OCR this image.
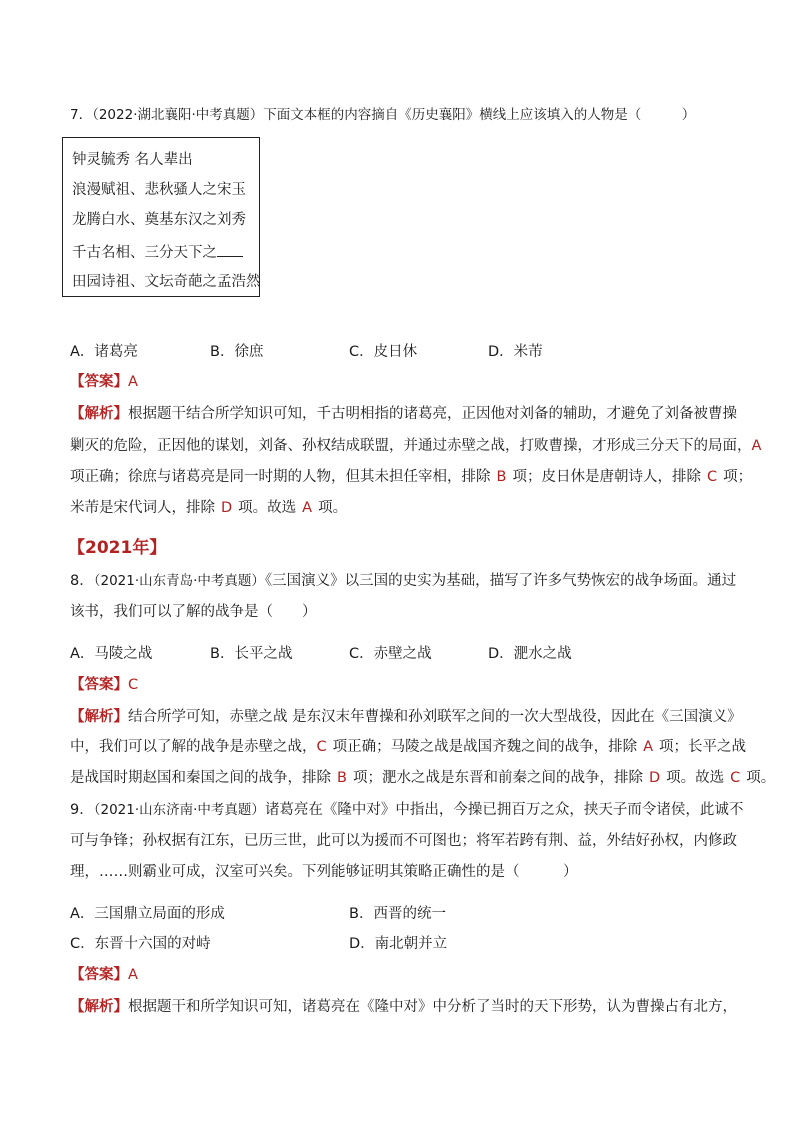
7．（2022·湖北襄阳·中考真题）下面文本框的内容摘自《历史襄阳》横线上应该填入的人物是（　　　）
钟灵毓秀 名人辈出
浪漫赋祖、悲秋骚人之宋玉
龙腾白水、奠基东汉之刘秀
千古名相、三分天下之
田园诗祖、文坛奇葩之孟浩然
A．诸葛亮	B．徐庶	C．皮日休	D．米芾
【答案】A
【解析】根据题干结合所学知识可知，千古明相指的诸葛亮，正因他对刘备的辅助，才避免了刘备被曹操
剿灭的危险，正因他的谋划，刘备、孙权结成联盟，并通过赤壁之战，打败曹操，才形成三分天下的局面，A
项正确；徐庶与诸葛亮是同一时期的人物，但其未担任宰相，排除 B 项；皮日休是唐朝诗人，排除 C 项；
米芾是宋代词人，排除 D 项。故选 A 项。
【2021年】
8．（2021·山东青岛·中考真题）《三国演义》以三国的史实为基础，描写了许多气势恢宏的战争场面。通过
该书，我们可以了解的战争是（　　）
A．马陵之战	B．长平之战	C．赤壁之战	D．淝水之战
【答案】C
【解析】结合所学可知，赤壁之战 是东汉末年曹操和孙刘联军之间的一次大型战役，因此在《三国演义》
中，我们可以了解的战争是赤壁之战，C 项正确；马陵之战是战国齐魏之间的战争，排除 A 项；长平之战
是战国时期赵国和秦国之间的战争，排除 B 项；淝水之战是东晋和前秦之间的战争，排除 D 项。故选 C 项。
9．（2021·山东济南·中考真题）诸葛亮在《隆中对》中指出，今操已拥百万之众，挟天子而令诸侯，此诚不
可与争锋；孙权据有江东，已历三世，此可以为援而不可图也；将军若跨有荆、益，外结好孙权，内修政
理，……则霸业可成，汉室可兴矣。下列能够证明其策略正确性的是（　　　）
A．三国鼎立局面的形成	B．西晋的统一
C．东晋十六国的对峙	D．南北朝并立
【答案】A
【解析】根据题干和所学知识可知，诸葛亮在《隆中对》中分析了当时的天下形势，认为曹操占有北方，
